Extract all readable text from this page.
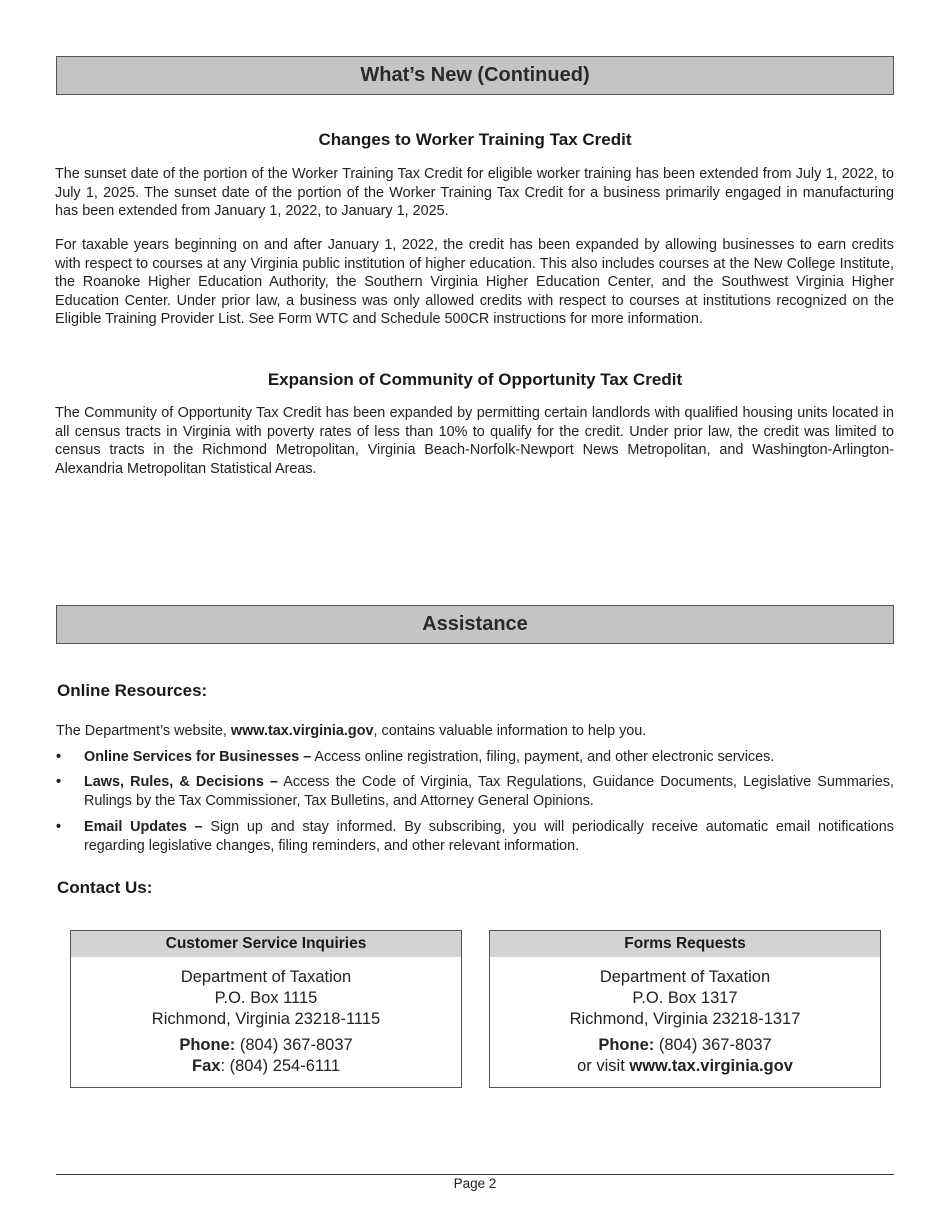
What’s New (Continued)
Changes to Worker Training Tax Credit

The sunset date of the portion of the Worker Training Tax Credit for eligible worker training has been extended from July 1, 2022, to July 1, 2025. The sunset date of the portion of the Worker Training Tax Credit for a business primarily engaged in manufacturing has been extended from January 1, 2022, to January 1, 2025.

For taxable years beginning on and after January 1, 2022, the credit has been expanded by allowing businesses to earn credits with respect to courses at any Virginia public institution of higher education. This also includes courses at the New College Institute, the Roanoke Higher Education Authority, the Southern Virginia Higher Education Center, and the Southwest Virginia Higher Education Center. Under prior law, a business was only allowed credits with respect to courses at institutions recognized on the Eligible Training Provider List. See Form WTC and Schedule 500CR instructions for more information.

Expansion of Community of Opportunity Tax Credit

The Community of Opportunity Tax Credit has been expanded by permitting certain landlords with qualified housing units located in all census tracts in Virginia with poverty rates of less than 10% to qualify for the credit. Under prior law, the credit was limited to census tracts in the Richmond Metropolitan, Virginia Beach-Norfolk-Newport News Metropolitan, and Washington-Arlington-Alexandria Metropolitan Statistical Areas.

Assistance
Online Resources:
The Department’s website, www.tax.virginia.gov, contains valuable information to help you.
• Online Services for Businesses – Access online registration, filing, payment, and other electronic services.
• Laws, Rules, & Decisions – Access the Code of Virginia, Tax Regulations, Guidance Documents, Legislative Summaries, Rulings by the Tax Commissioner, Tax Bulletins, and Attorney General Opinions.
• Email Updates – Sign up and stay informed. By subscribing, you will periodically receive automatic email notifications regarding legislative changes, filing reminders, and other relevant information.
Contact Us:
Customer Service Inquiries
Department of Taxation
P.O. Box 1115
Richmond, Virginia 23218-1115
Phone: (804) 367-8037
Fax: (804) 254-6111
Forms Requests
Department of Taxation
P.O. Box 1317
Richmond, Virginia 23218-1317
Phone: (804) 367-8037
or visit www.tax.virginia.gov
Page 2
